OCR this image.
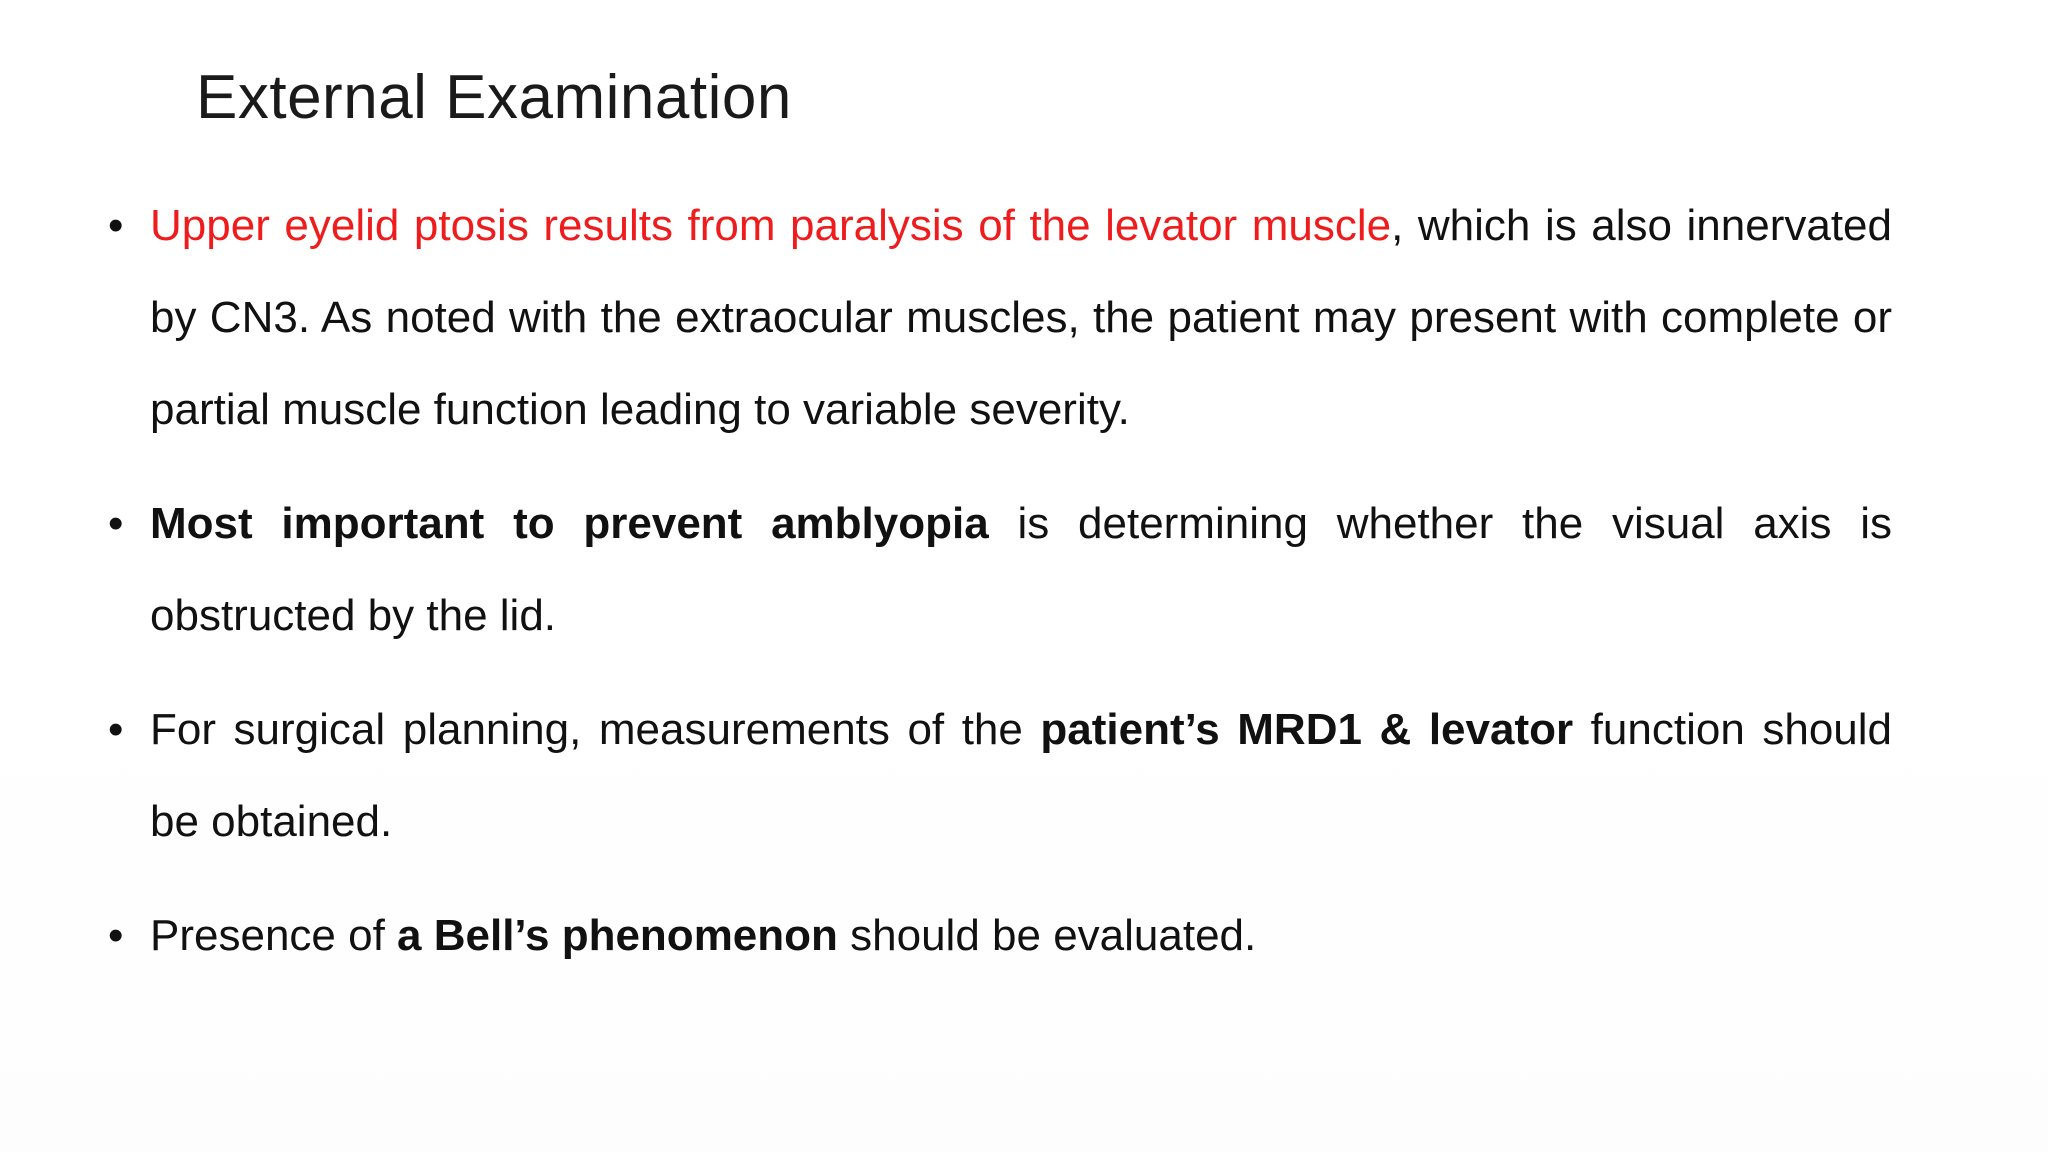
External Examination
• Upper eyelid ptosis results from paralysis of the levator muscle, which is also innervated by CN3. As noted with the extraocular muscles, the patient may present with complete or partial muscle function leading to variable severity.
• Most important to prevent amblyopia is determining whether the visual axis is obstructed by the lid.
• For surgical planning, measurements of the patient’s MRD1 & levator function should be obtained.
• Presence of a Bell’s phenomenon should be evaluated.
